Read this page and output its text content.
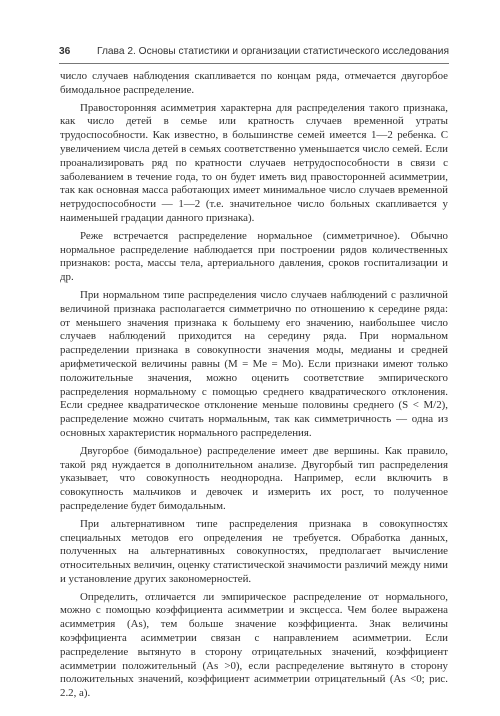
36	Глава 2. Основы статистики и организации статистического исследования

число случаев наблюдения скапливается по концам ряда, отмечается двугорбое бимодальное распределение.

Правосторонняя асимметрия характерна для распределения такого признака, как число детей в семье или кратность случаев временной утраты трудоспособности. Как известно, в большинстве семей имеется 1—2 ребенка. С увеличением числа детей в семьях соответственно уменьшается число семей. Если проанализировать ряд по кратности случаев нетрудоспособности в связи с заболеванием в течение года, то он будет иметь вид правосторонней асимметрии, так как основная масса работающих имеет минимальное число случаев временной нетрудоспособности — 1—2 (т.е. значительное число больных скапливается у наименьшей градации данного признака).

Реже встречается распределение нормальное (симметричное). Обычно нормальное распределение наблюдается при построении рядов количественных признаков: роста, массы тела, артериального давления, сроков госпитализации и др.

При нормальном типе распределения число случаев наблюдений с различной величиной признака располагается симметрично по отношению к середине ряда: от меньшего значения признака к большему его значению, наибольшее число случаев наблюдений приходится на середину ряда. При нормальном распределении признака в совокупности значения моды, медианы и средней арифметической величины равны (M = Me = Mo). Если признаки имеют только положительные значения, можно оценить соответствие эмпирического распределения нормальному с помощью среднего квадратического отклонения. Если среднее квадратическое отклонение меньше половины среднего (S < M/2), распределение можно считать нормальным, так как симметричность — одна из основных характеристик нормального распределения.

Двугорбое (бимодальное) распределение имеет две вершины. Как правило, такой ряд нуждается в дополнительном анализе. Двугорбый тип распределения указывает, что совокупность неоднородна. Например, если включить в совокупность мальчиков и девочек и измерить их рост, то полученное распределение будет бимодальным.

При альтернативном типе распределения признака в совокупностях специальных методов его определения не требуется. Обработка данных, полученных на альтернативных совокупностях, предполагает вычисление относительных величин, оценку статистической значимости различий между ними и установление других закономерностей.

Определить, отличается ли эмпирическое распределение от нормального, можно с помощью коэффициента асимметрии и эксцесса. Чем более выражена асимметрия (As), тем больше значение коэффициента. Знак величины коэффициента асимметрии связан с направлением асимметрии. Если распределение вытянуто в сторону отрицательных значений, коэффициент асимметрии положительный (As >0), если распределение вытянуто в сторону положительных значений, коэффициент асимметрии отрицательный (As <0; рис. 2.2, а).
